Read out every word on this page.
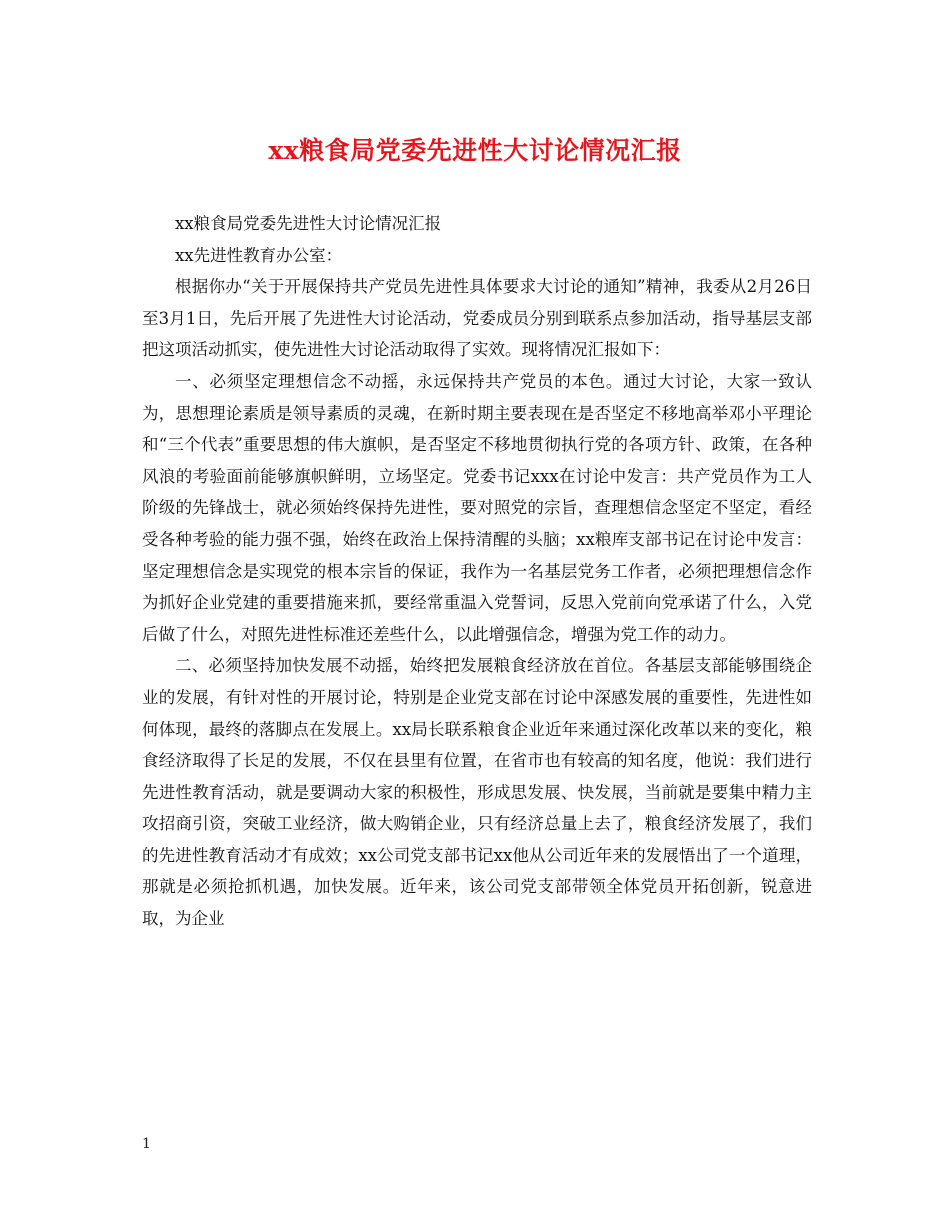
xx粮食局党委先进性大讨论情况汇报

xx粮食局党委先进性大讨论情况汇报

xx先进性教育办公室：

根据你办“关于开展保持共产党员先进性具体要求大讨论的通知”精神，我委从2月26日至3月1日，先后开展了先进性大讨论活动，党委成员分别到联系点参加活动，指导基层支部把这项活动抓实，使先进性大讨论活动取得了实效。现将情况汇报如下：

一、必须坚定理想信念不动摇，永远保持共产党员的本色。通过大讨论，大家一致认为，思想理论素质是领导素质的灵魂，在新时期主要表现在是否坚定不移地高举邓小平理论和“三个代表”重要思想的伟大旗帜，是否坚定不移地贯彻执行党的各项方针、政策，在各种风浪的考验面前能够旗帜鲜明，立场坚定。党委书记xxx在讨论中发言：共产党员作为工人阶级的先锋战士，就必须始终保持先进性，要对照党的宗旨，查理想信念坚定不坚定，看经受各种考验的能力强不强，始终在政治上保持清醒的头脑；xx粮库支部书记在讨论中发言：坚定理想信念是实现党的根本宗旨的保证，我作为一名基层党务工作者，必须把理想信念作为抓好企业党建的重要措施来抓，要经常重温入党誓词，反思入党前向党承诺了什么，入党后做了什么，对照先进性标准还差些什么，以此增强信念，增强为党工作的动力。

二、必须坚持加快发展不动摇，始终把发展粮食经济放在首位。各基层支部能够围绕企业的发展，有针对性的开展讨论，特别是企业党支部在讨论中深感发展的重要性，先进性如何体现，最终的落脚点在发展上。xx局长联系粮食企业近年来通过深化改革以来的变化，粮食经济取得了长足的发展，不仅在县里有位置，在省市也有较高的知名度，他说：我们进行先进性教育活动，就是要调动大家的积极性，形成思发展、快发展，当前就是要集中精力主攻招商引资，突破工业经济，做大购销企业，只有经济总量上去了，粮食经济发展了，我们的先进性教育活动才有成效；xx公司党支部书记xx他从公司近年来的发展悟出了一个道理，那就是必须抢抓机遇，加快发展。近年来，该公司党支部带领全体党员开拓创新，锐意进取，为企业

1
